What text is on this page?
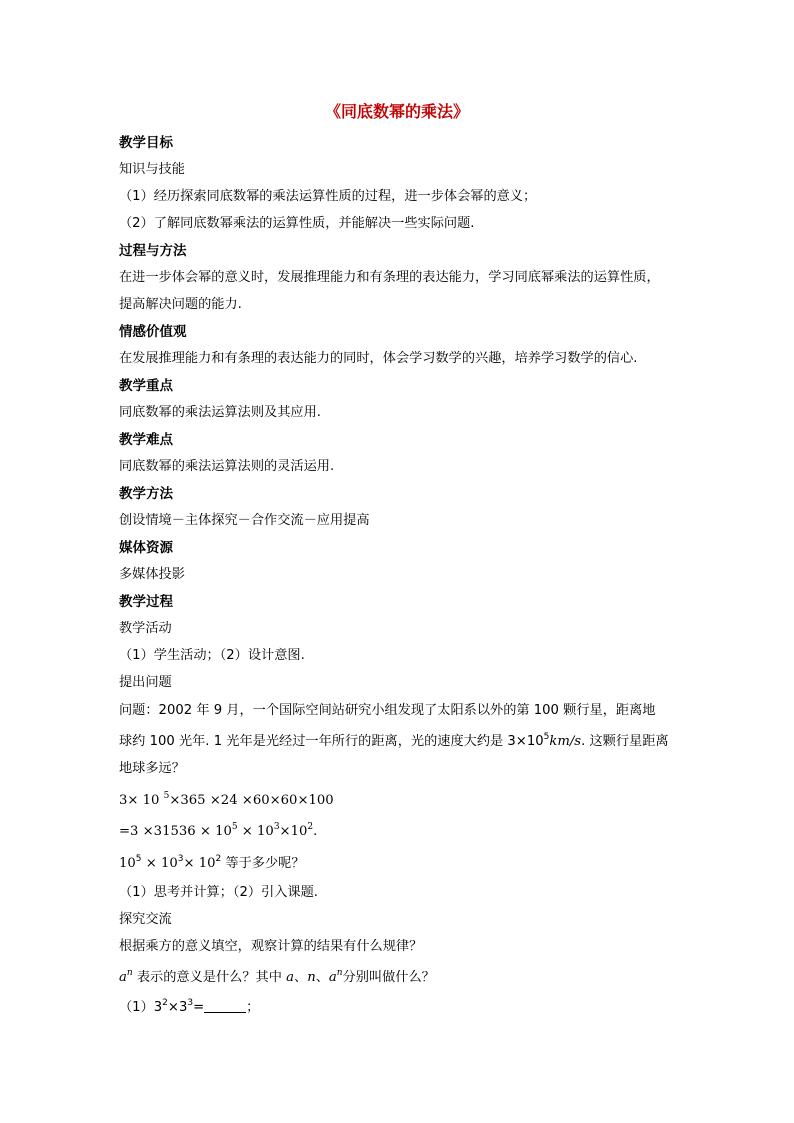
《同底数幂的乘法》
教学目标
知识与技能
（1）经历探索同底数幂的乘法运算性质的过程，进一步体会幂的意义；
（2）了解同底数幂乘法的运算性质，并能解决一些实际问题.
过程与方法
在进一步体会幂的意义时，发展推理能力和有条理的表达能力，学习同底幂乘法的运算性质，
提高解决问题的能力.
情感价值观
在发展推理能力和有条理的表达能力的同时，体会学习数学的兴趣，培养学习数学的信心.
教学重点
同底数幂的乘法运算法则及其应用.
教学难点
同底数幂的乘法运算法则的灵活运用.
教学方法
创设情境－主体探究－合作交流－应用提高
媒体资源
多媒体投影
教学过程
教学活动
（1）学生活动；（2）设计意图.
提出问题
问题：2002 年 9 月，一个国际空间站研究小组发现了太阳系以外的第 100 颗行星，距离地
球约 100 光年. 1 光年是光经过一年所行的距离，光的速度大约是 $3\times 10^5km/s$. 这颗行星距离
地球多远？
3× 10 $^5$×365 ×24 ×60×60×100
$=3 \times 31536 \times 10^5 \times 10^3\times 10^2$.
$10^5 \times 10^3\times 10^2$ 等于多少呢？
（1）思考并计算；（2）引入课题.
探究交流
根据乘方的意义填空，观察计算的结果有什么规律？
$a^n$ 表示的意义是什么？其中 a、n、$a^n$分别叫做什么？
$(1)3^2\times 3^3=$	；
